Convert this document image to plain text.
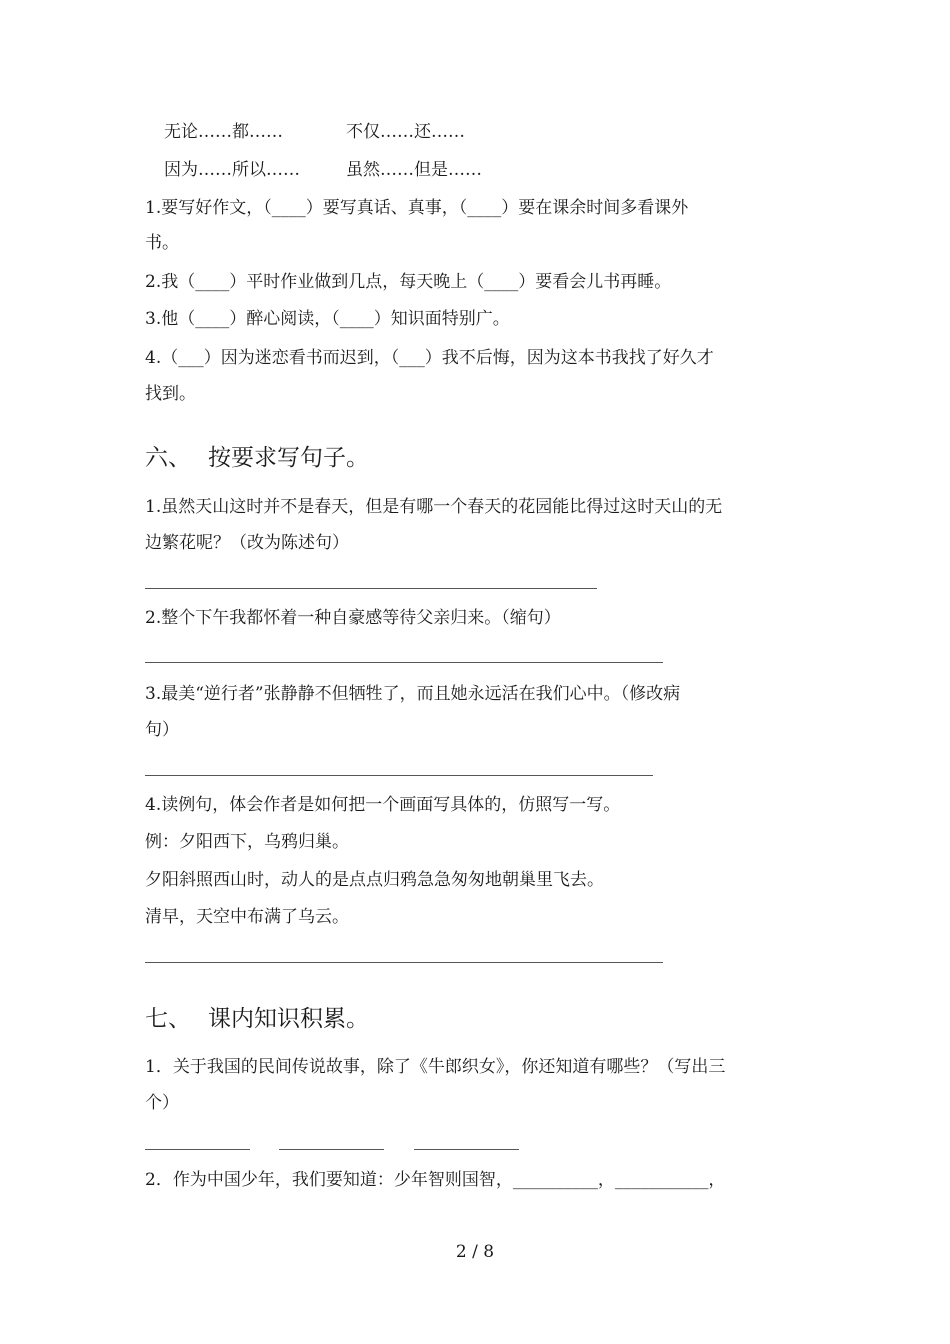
无论……都……	不仅……还……
因为……所以……	虽然……但是……
1.要写好作文，（____）要写真话、真事，（____）要在课余时间多看课外
书。
2.我（____）平时作业做到几点，每天晚上（____）要看会儿书再睡。
3.他（____）醉心阅读，（____）知识面特别广。
4.（___）因为迷恋看书而迟到，（___）我不后悔，因为这本书我找了好久才
找到。
六、 按要求写句子。
1.虽然天山这时并不是春天，但是有哪一个春天的花园能比得过这时天山的无
边繁花呢？（改为陈述句）
2.整个下午我都怀着一种自豪感等待父亲归来。（缩句）
3.最美“逆行者”张静静不但牺牲了，而且她永远活在我们心中。（修改病
句）
4.读例句，体会作者是如何把一个画面写具体的，仿照写一写。
例：夕阳西下，乌鸦归巢。
夕阳斜照西山时，动人的是点点归鸦急急匆匆地朝巢里飞去。
清早，天空中布满了乌云。
七、 课内知识积累。
1．关于我国的民间传说故事，除了《牛郎织女》，你还知道有哪些？（写出三
个）
2．作为中国少年，我们要知道：少年智则国智，__________，___________，
2 / 8
